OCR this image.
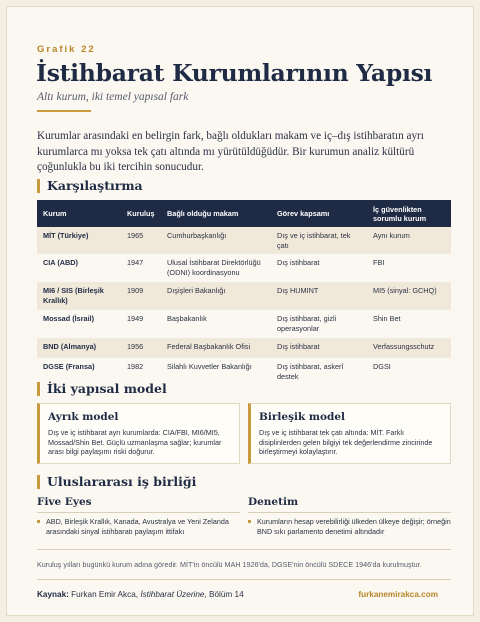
Grafik 22
İstihbarat Kurumlarının Yapısı
Altı kurum, iki temel yapısal fark

Kurumlar arasındaki en belirgin fark, bağlı oldukları makam ve iç–dış istihbaratın ayrı kurumlarca mı yoksa tek çatı altında mı yürütüldüğüdür. Bir kurumun analiz kültürü çoğunlukla bu iki tercihin sonucudur.

Karşılaştırma
Kurum	Kuruluş	Bağlı olduğu makam	Görev kapsamı	İç güvenlikten sorumlu kurum
MİT (Türkiye)	1965	Cumhurbaşkanlığı	Dış ve iç istihbarat, tek çatı	Aynı kurum
CIA (ABD)	1947	Ulusal İstihbarat Direktörlüğü (ODNI) koordinasyonu	Dış istihbarat	FBI
MI6 / SIS (Birleşik Krallık)	1909	Dışişleri Bakanlığı	Dış HUMINT	MI5 (sinyal: GCHQ)
Mossad (İsrail)	1949	Başbakanlık	Dış istihbarat, gizli operasyonlar	Shin Bet
BND (Almanya)	1956	Federal Başbakanlık Ofisi	Dış istihbarat	Verfassungsschutz
DGSE (Fransa)	1982	Silahlı Kuvvetler Bakanlığı	Dış istihbarat, askerî destek	DGSI
İki yapısal model
Ayrık model
Dış ve iç istihbarat ayrı kurumlarda: CIA/FBI, MI6/MI5, Mossad/Shin Bet. Güçlü uzmanlaşma sağlar; kurumlar arası bilgi paylaşımı riski doğurur.
Birleşik model
Dış ve iç istihbarat tek çatı altında: MİT. Farklı disiplinlerden gelen bilgiyi tek değerlendirme zincirinde birleştirmeyi kolaylaştırır.
Uluslararası iş birliği
Five Eyes
ABD, Birleşik Krallık, Kanada, Avustralya ve Yeni Zelanda arasındaki sinyal istihbaratı paylaşım ittifakı
Denetim
Kurumların hesap verebilirliği ülkeden ülkeye değişir; örneğin BND sıkı parlamento denetimi altındadır
Kuruluş yılları bugünkü kurum adına göredir. MİT'in öncülü MAH 1926'da, DGSE'nin öncülü SDECE 1946'da kurulmuştur.
Kaynak: Furkan Emir Akca, İstihbarat Üzerine, Bölüm 14	furkanemirakca.com
